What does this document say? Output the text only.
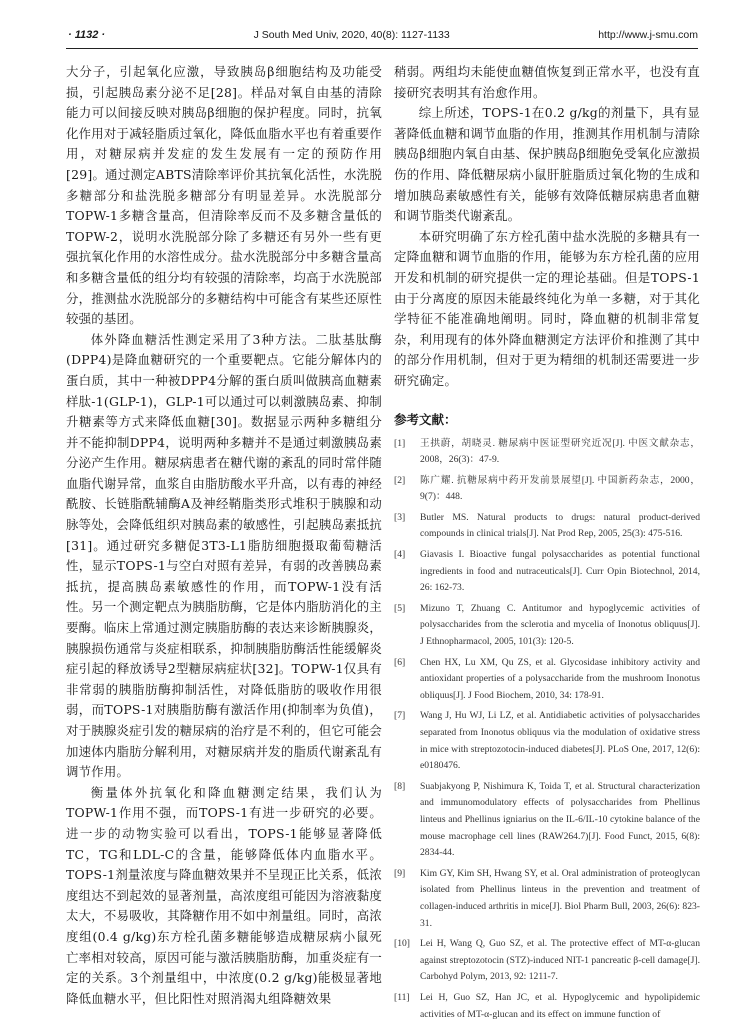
· 1132 ·	J South Med Univ, 2020, 40(8): 1127-1133	http://www.j-smu.com

大分子，引起氧化应激，导致胰岛β细胞结构及功能受损，引起胰岛素分泌不足[28]。样品对氧自由基的清除能力可以间接反映对胰岛β细胞的保护程度。同时，抗氧化作用对于减轻脂质过氧化，降低血脂水平也有着重要作用，对糖尿病并发症的发生发展有一定的预防作用[29]。通过测定ABTS清除率评价其抗氧化活性，水洗脱多糖部分和盐洗脱多糖部分有明显差异。水洗脱部分TOPW-1多糖含量高，但清除率反而不及多糖含量低的TOPW-2，说明水洗脱部分除了多糖还有另外一些有更强抗氧化作用的水溶性成分。盐水洗脱部分中多糖含量高和多糖含量低的组分均有较强的清除率，均高于水洗脱部分，推测盐水洗脱部分的多糖结构中可能含有某些还原性较强的基团。

体外降血糖活性测定采用了3种方法。二肽基肽酶(DPP4)是降血糖研究的一个重要靶点。它能分解体内的蛋白质，其中一种被DPP4分解的蛋白质叫做胰高血糖素样肽-1(GLP-1)，GLP-1可以通过可以刺激胰岛素、抑制升糖素等方式来降低血糖[30]。数据显示两种多糖组分并不能抑制DPP4，说明两种多糖并不是通过刺激胰岛素分泌产生作用。糖尿病患者在糖代谢的紊乱的同时常伴随血脂代谢异常，血浆自由脂肪酸水平升高，以有毒的神经酰胺、长链脂酰辅酶A及神经鞘脂类形式堆积于胰腺和动脉等处，会降低组织对胰岛素的敏感性，引起胰岛素抵抗[31]。通过研究多糖促3T3-L1脂肪细胞摄取葡萄糖活性，显示TOPS-1与空白对照有差异，有弱的改善胰岛素抵抗，提高胰岛素敏感性的作用，而TOPW-1没有活性。另一个测定靶点为胰脂肪酶，它是体内脂肪消化的主要酶。临床上常通过测定胰脂肪酶的表达来诊断胰腺炎，胰腺损伤通常与炎症相联系，抑制胰脂肪酶活性能缓解炎症引起的释放诱导2型糖尿病症状[32]。TOPW-1仅具有非常弱的胰脂肪酶抑制活性，对降低脂肪的吸收作用很弱，而TOPS-1对胰脂肪酶有激活作用(抑制率为负值)，对于胰腺炎症引发的糖尿病的治疗是不利的，但它可能会加速体内脂肪分解利用，对糖尿病并发的脂质代谢紊乱有调节作用。

衡量体外抗氧化和降血糖测定结果，我们认为TOPW-1作用不强，而TOPS-1有进一步研究的必要。进一步的动物实验可以看出，TOPS-1能够显著降低TC，TG和LDL-C的含量，能够降低体内血脂水平。TOPS-1剂量浓度与降血糖效果并不呈现正比关系，低浓度组达不到起效的显著剂量，高浓度组可能因为溶液黏度太大，不易吸收，其降糖作用不如中剂量组。同时，高浓度组(0.4 g/kg)东方栓孔菌多糖能够造成糖尿病小鼠死亡率相对较高，原因可能与激活胰脂肪酶，加重炎症有一定的关系。3个剂量组中，中浓度(0.2 g/kg)能极显著地降低血糖水平，但比阳性对照消渴丸组降糖效果

稍弱。两组均未能使血糖值恢复到正常水平，也没有直接研究表明其有治愈作用。

综上所述，TOPS-1在0.2 g/kg的剂量下，具有显著降低血糖和调节血脂的作用，推测其作用机制与清除胰岛β细胞内氧自由基、保护胰岛β细胞免受氧化应激损伤的作用、降低糖尿病小鼠肝脏脂质过氧化物的生成和增加胰岛素敏感性有关，能够有效降低糖尿病患者血糖和调节脂类代谢紊乱。

本研究明确了东方栓孔菌中盐水洗脱的多糖具有一定降血糖和调节血脂的作用，能够为东方栓孔菌的应用开发和机制的研究提供一定的理论基础。但是TOPS-1由于分离度的原因未能最终纯化为单一多糖，对于其化学特征不能准确地阐明。同时，降血糖的机制非常复杂，利用现有的体外降血糖测定方法评价和推测了其中的部分作用机制，但对于更为精细的机制还需要进一步研究确定。

参考文献：
[1]	王拱蔚，胡晓灵. 糖尿病中医证型研究近况[J]. 中医文献杂志，2008，26(3)：47-9.
[2]	陈广耀. 抗糖尿病中药开发前景展望[J]. 中国新药杂志，2000，9(7)：448.
[3]	Butler MS. Natural products to drugs: natural product-derived compounds in clinical trials[J]. Nat Prod Rep, 2005, 25(3): 475-516.
[4]	Giavasis I. Bioactive fungal polysaccharides as potential functional ingredients in food and nutraceuticals[J]. Curr Opin Biotechnol, 2014, 26: 162-73.
[5]	Mizuno T, Zhuang C. Antitumor and hypoglycemic activities of polysaccharides from the sclerotia and mycelia of Inonotus obliquus[J]. J Ethnopharmacol, 2005, 101(3): 120-5.
[6]	Chen HX, Lu XM, Qu ZS, et al. Glycosidase inhibitory activity and antioxidant properties of a polysaccharide from the mushroom Inonotus obliquus[J]. J Food Biochem, 2010, 34: 178-91.
[7]	Wang J, Hu WJ, Li LZ, et al. Antidiabetic activities of polysaccharides separated from Inonotus obliquus via the modulation of oxidative stress in mice with streptozotocin-induced diabetes[J]. PLoS One, 2017, 12(6): e0180476.
[8]	Suabjakyong P, Nishimura K, Toida T, et al. Structural characterization and immunomodulatory effects of polysaccharides from Phellinus linteus and Phellinus igniarius on the IL-6/IL-10 cytokine balance of the mouse macrophage cell lines (RAW264.7)[J]. Food Funct, 2015, 6(8): 2834-44.
[9]	Kim GY, Kim SH, Hwang SY, et al. Oral administration of proteoglycan isolated from Phellinus linteus in the prevention and treatment of collagen-induced arthritis in mice[J]. Biol Pharm Bull, 2003, 26(6): 823-31.
[10]	Lei H, Wang Q, Guo SZ, et al. The protective effect of MT-α-glucan against streptozotocin (STZ)-induced NIT-1 pancreatic β-cell damage[J]. Carbohyd Polym, 2013, 92: 1211-7.
[11]	Lei H, Guo SZ, Han JC, et al. Hypoglycemic and hypolipidemic activities of MT-α-glucan and its effect on immune function of
